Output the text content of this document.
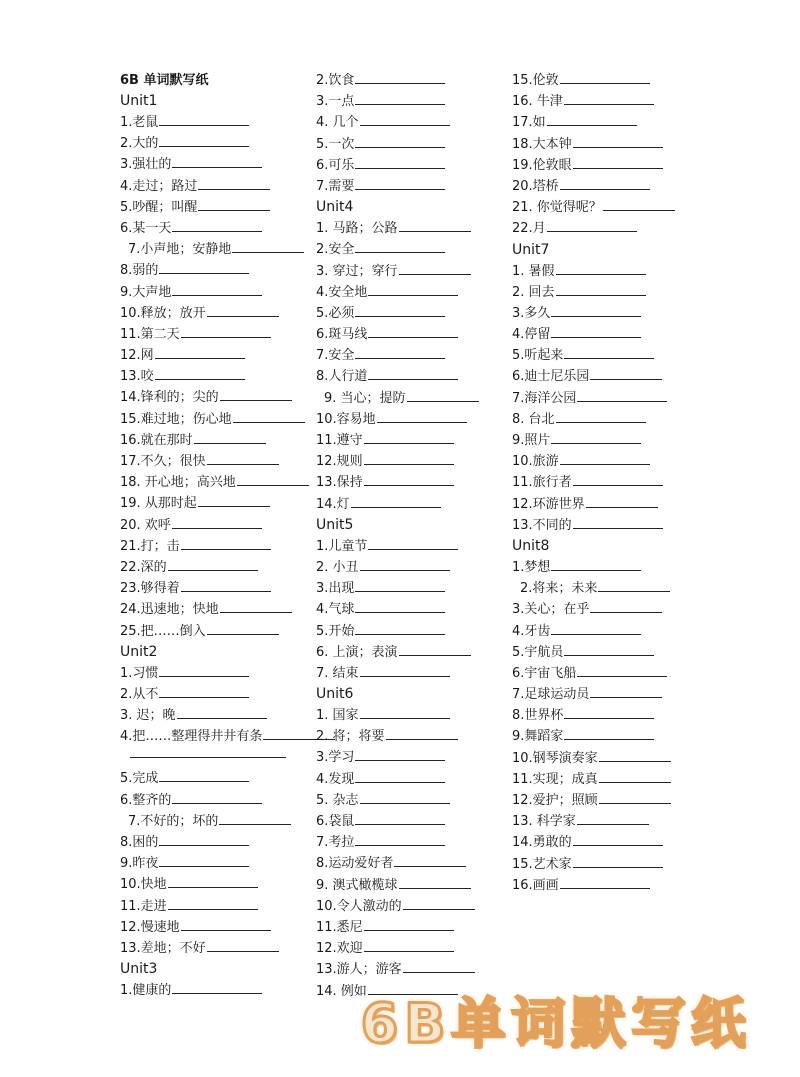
6B 单词默写纸
Unit1
1.老鼠
2.大的
3.强壮的
4.走过；路过
5.吵醒；叫醒
6.某一天
7.小声地；安静地
8.弱的
9.大声地
10.释放；放开
11.第二天
12.网
13.咬
14.锋利的；尖的
15.难过地；伤心地
16.就在那时
17.不久；很快
18. 开心地；高兴地
19. 从那时起
20. 欢呼
21.打；击
22.深的
23.够得着
24.迅速地；快地
25.把……倒入
Unit2
1.习惯
2.从不
3. 迟；晚
4.把……整理得井井有条
5.完成
6.整齐的
7.不好的；坏的
8.困的
9.昨夜
10.快地
11.走进
12.慢速地
13.差地；不好
Unit3
1.健康的
2.饮食
3.一点
4. 几个
5.一次
6.可乐
7.需要
Unit4
1. 马路；公路
2.安全
3. 穿过；穿行
4.安全地
5.必须
6.斑马线
7.安全
8.人行道
9. 当心；提防
10.容易地
11.遵守
12.规则
13.保持
14.灯
Unit5
1.儿童节
2. 小丑
3.出现
4.气球
5.开始
6. 上演；表演
7. 结束
Unit6
1. 国家
2. 将；将要
3.学习
4.发现
5. 杂志
6.袋鼠
7.考拉
8.运动爱好者
9. 澳式橄榄球
10.令人激动的
11.悉尼
12.欢迎
13.游人；游客
14. 例如
15.伦敦
16. 牛津
17.如
18.大本钟
19.伦敦眼
20.塔桥
21. 你觉得呢？
22.月
Unit7
1. 暑假
2. 回去
3.多久
4.停留
5.听起来
6.迪士尼乐园
7.海洋公园
8. 台北
9.照片
10.旅游
11.旅行者
12.环游世界
13.不同的
Unit8
1.梦想
2.将来；未来
3.关心；在乎
4.牙齿
5.宇航员
6.宇宙飞船
7.足球运动员
8.世界杯
9.舞蹈家
10.钢琴演奏家
11.实现；成真
12.爱护；照顾
13. 科学家
14.勇敢的
15.艺术家
16.画画
6B单词默写纸
